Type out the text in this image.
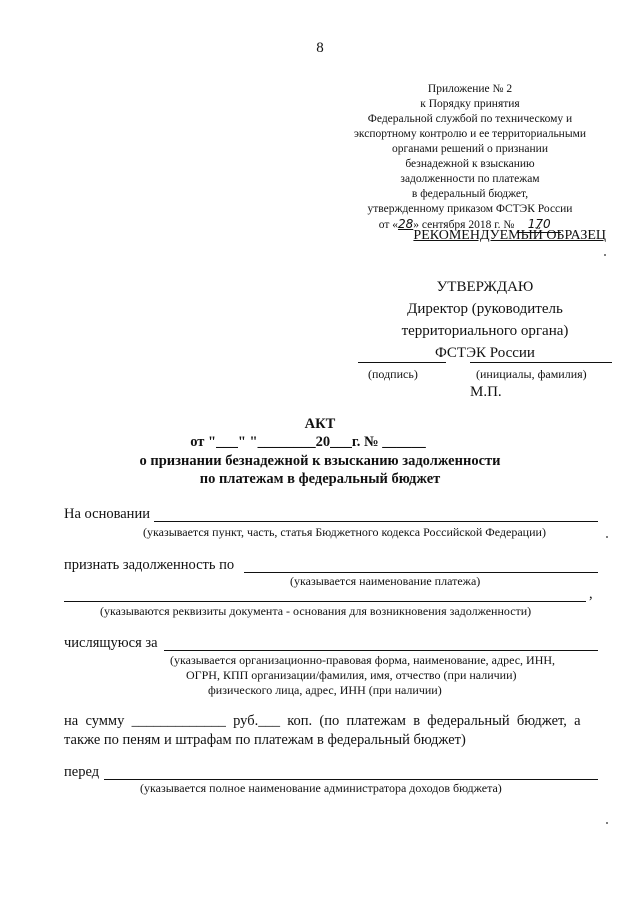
8
Приложение № 2
к Порядку принятия
Федеральной службой по техническому и
экспортному контролю и ее территориальными
органами решений о признании
безнадежной к взысканию
задолженности по платежам
в федеральный бюджет,
утвержденному приказом ФСТЭК России
от «28» сентября 2018 г. № 170
РЕКОМЕНДУЕМЫЙ ОБРАЗЕЦ
УТВЕРЖДАЮ
Директор (руководитель
территориального органа)
ФСТЭК России
(подпись)	(инициалы, фамилия)
М.П.
АКТ
от "___" "________20___г. № ______
о признании безнадежной к взысканию задолженности
по платежам в федеральный бюджет
На основании
(указывается пункт, часть, статья Бюджетного кодекса Российской Федерации)
признать задолженность по
(указывается наименование платежа)
,
(указываются реквизиты документа - основания для возникновения задолженности)
числящуюся за
(указывается организационно-правовая форма, наименование, адрес, ИНН,
ОГРН, КПП организации/фамилия, имя, отчество (при наличии)
физического лица, адрес, ИНН (при наличии)
на  сумму  _____________  руб.___  коп.  (по  платежам  в  федеральный  бюджет,  а
также по пеням и штрафам по платежам в федеральный бюджет)
перед
(указывается полное наименование администратора доходов бюджета)
